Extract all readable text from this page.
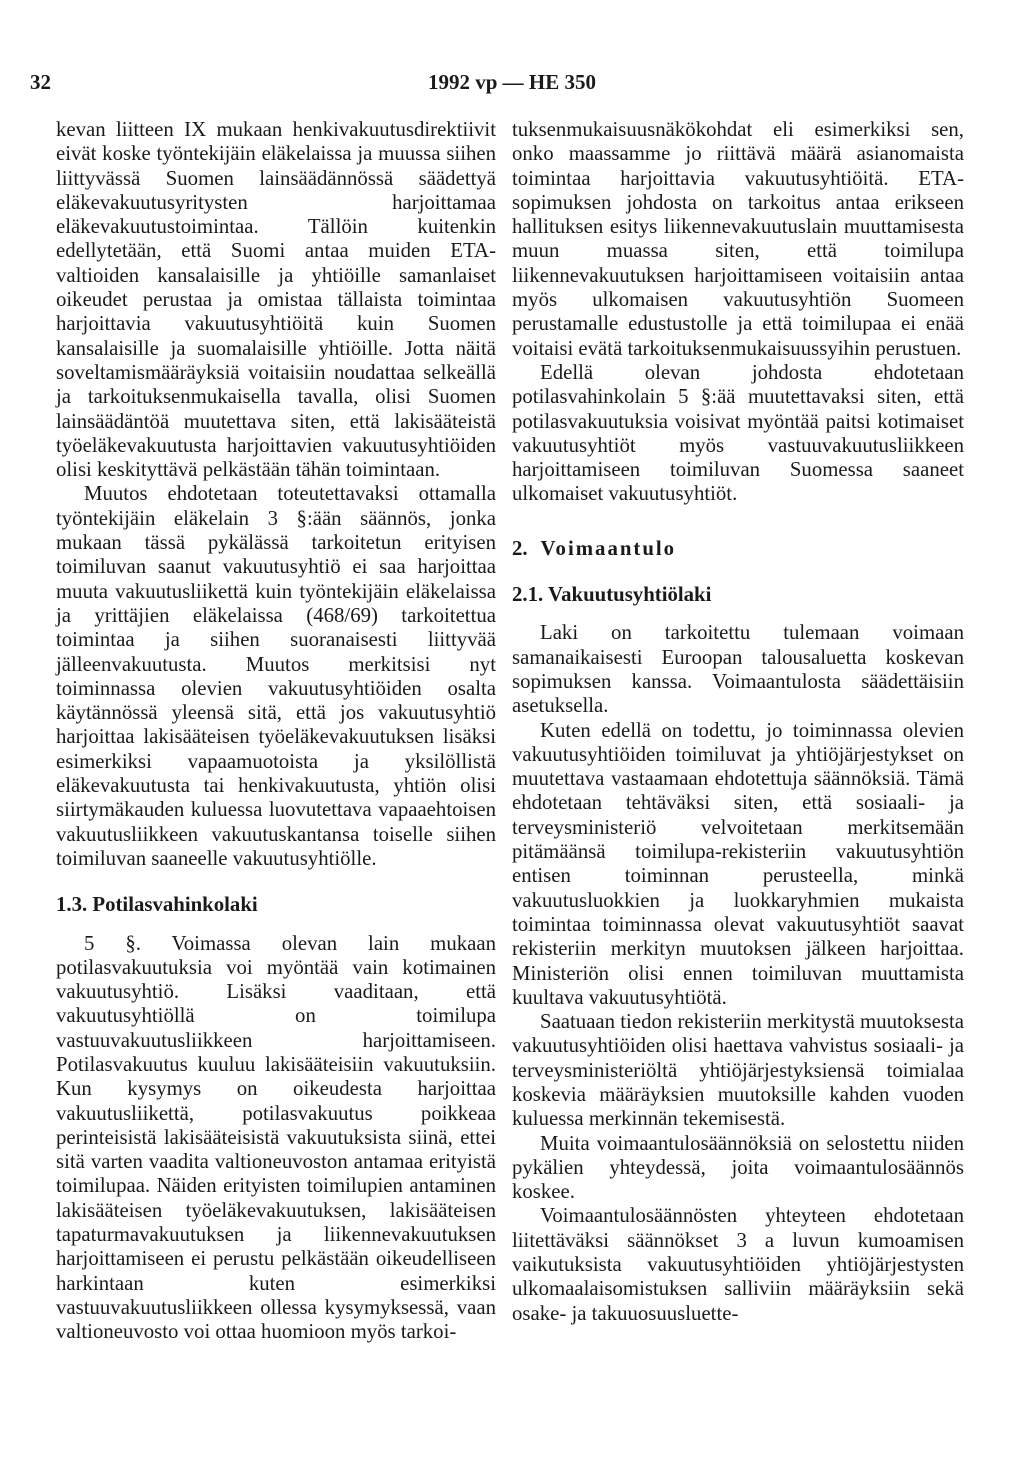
32	1992 vp — HE 350

kevan liitteen IX mukaan henkivakuutusdirektiivit eivät koske työntekijäin eläkelaissa ja muussa siihen liittyvässä Suomen lainsäädännössä säädettyä eläkevakuutusyritysten harjoittamaa eläkevakuutustoimintaa. Tällöin kuitenkin edellytetään, että Suomi antaa muiden ETA-valtioiden kansalaisille ja yhtiöille samanlaiset oikeudet perustaa ja omistaa tällaista toimintaa harjoittavia vakuutusyhtiöitä kuin Suomen kansalaisille ja suomalaisille yhtiöille. Jotta näitä soveltamismääräyksiä voitaisiin noudattaa selkeällä ja tarkoituksenmukaisella tavalla, olisi Suomen lainsäädäntöä muutettava siten, että lakisääteistä työeläkevakuutusta harjoittavien vakuutusyhtiöiden olisi keskityttävä pelkästään tähän toimintaan.

Muutos ehdotetaan toteutettavaksi ottamalla työntekijäin eläkelain 3 §:ään säännös, jonka mukaan tässä pykälässä tarkoitetun erityisen toimiluvan saanut vakuutusyhtiö ei saa harjoittaa muuta vakuutusliikettä kuin työntekijäin eläkelaissa ja yrittäjien eläkelaissa (468/69) tarkoitettua toimintaa ja siihen suoranaisesti liittyvää jälleenvakuutusta. Muutos merkitsisi nyt toiminnassa olevien vakuutusyhtiöiden osalta käytännössä yleensä sitä, että jos vakuutusyhtiö harjoittaa lakisääteisen työeläkevakuutuksen lisäksi esimerkiksi vapaamuotoista ja yksilöllistä eläkevakuutusta tai henkivakuutusta, yhtiön olisi siirtymäkauden kuluessa luovutettava vapaaehtoisen vakuutusliikkeen vakuutuskantansa toiselle siihen toimiluvan saaneelle vakuutusyhtiölle.

1.3. Potilasvahinkolaki

5 §. Voimassa olevan lain mukaan potilasvakuutuksia voi myöntää vain kotimainen vakuutusyhtiö. Lisäksi vaaditaan, että vakuutusyhtiöllä on toimilupa vastuuvakuutusliikkeen harjoittamiseen. Potilasvakuutus kuuluu lakisääteisiin vakuutuksiin. Kun kysymys on oikeudesta harjoittaa vakuutusliikettä, potilasvakuutus poikkeaa perinteisistä lakisääteisistä vakuutuksista siinä, ettei sitä varten vaadita valtioneuvoston antamaa erityistä toimilupaa. Näiden erityisten toimilupien antaminen lakisääteisen työeläkevakuutuksen, lakisääteisen tapaturmavakuutuksen ja liikennevakuutuksen harjoittamiseen ei perustu pelkästään oikeudelliseen harkintaan kuten esimerkiksi vastuuvakuutusliikkeen ollessa kysymyksessä, vaan valtioneuvosto voi ottaa huomioon myös tarkoi-

tuksenmukaisuusnäkökohdat eli esimerkiksi sen, onko maassamme jo riittävä määrä asianomaista toimintaa harjoittavia vakuutusyhtiöitä. ETA-sopimuksen johdosta on tarkoitus antaa erikseen hallituksen esitys liikennevakuutuslain muuttamisesta muun muassa siten, että toimilupa liikennevakuutuksen harjoittamiseen voitaisiin antaa myös ulkomaisen vakuutusyhtiön Suomeen perustamalle edustustolle ja että toimilupaa ei enää voitaisi evätä tarkoituksenmukaisuussyihin perustuen.

Edellä olevan johdosta ehdotetaan potilasvahinkolain 5 §:ää muutettavaksi siten, että potilasvakuutuksia voisivat myöntää paitsi kotimaiset vakuutusyhtiöt myös vastuuvakuutusliikkeen harjoittamiseen toimiluvan Suomessa saaneet ulkomaiset vakuutusyhtiöt.

2. Voimaantulo
2.1. Vakuutusyhtiölaki

Laki on tarkoitettu tulemaan voimaan samanaikaisesti Euroopan talousaluetta koskevan sopimuksen kanssa. Voimaantulosta säädettäisiin asetuksella.

Kuten edellä on todettu, jo toiminnassa olevien vakuutusyhtiöiden toimiluvat ja yhtiöjärjestykset on muutettava vastaamaan ehdotettuja säännöksiä. Tämä ehdotetaan tehtäväksi siten, että sosiaali- ja terveysministeriö velvoitetaan merkitsemään pitämäänsä toimilupa-rekisteriin vakuutusyhtiön entisen toiminnan perusteella, minkä vakuutusluokkien ja luokkaryhmien mukaista toimintaa toiminnassa olevat vakuutusyhtiöt saavat rekisteriin merkityn muutoksen jälkeen harjoittaa. Ministeriön olisi ennen toimiluvan muuttamista kuultava vakuutusyhtiötä.

Saatuaan tiedon rekisteriin merkitystä muutoksesta vakuutusyhtiöiden olisi haettava vahvistus sosiaali- ja terveysministeriöltä yhtiöjärjestyksiensä toimialaa koskevia määräyksien muutoksille kahden vuoden kuluessa merkinnän tekemisestä.

Muita voimaantulosäännöksiä on selostettu niiden pykälien yhteydessä, joita voimaantulosäännös koskee.

Voimaantulosäännösten yhteyteen ehdotetaan liitettäväksi säännökset 3 a luvun kumoamisen vaikutuksista vakuutusyhtiöiden yhtiöjärjestysten ulkomaalaisomistuksen salliviin määräyksiin sekä osake- ja takuuosuusluette-
